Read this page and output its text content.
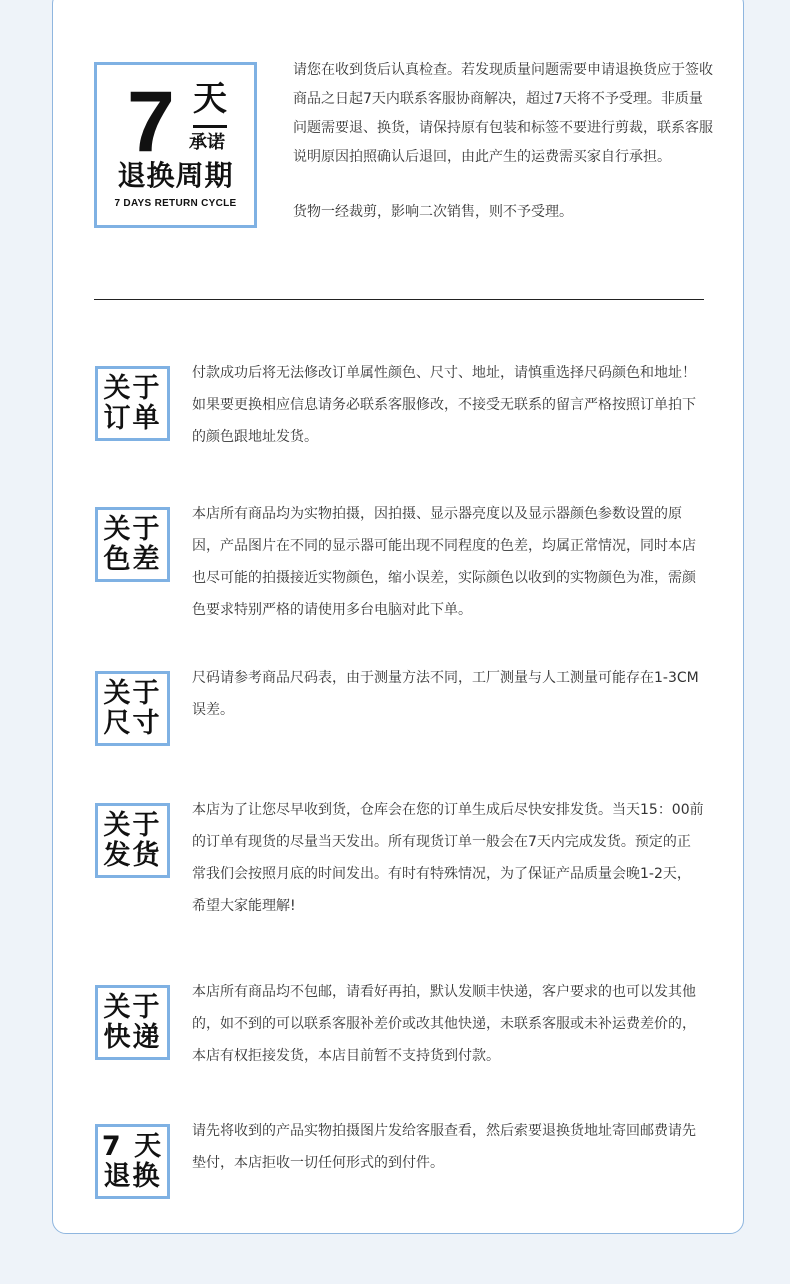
7 天
承诺
退换周期
7 DAYS RETURN CYCLE

请您在收到货后认真检查。若发现质量问题需要申请退换货应于签收商品之日起7天内联系客服协商解决，超过7天将不予受理。非质量问题需要退、换货，请保持原有包装和标签不要进行剪裁，联系客服说明原因拍照确认后退回，由此产生的运费需买家自行承担。

货物一经裁剪，影响二次销售，则不予受理。

关于
订单

付款成功后将无法修改订单属性颜色、尺寸、地址，请慎重选择尺码颜色和地址！如果要更换相应信息请务必联系客服修改，不接受无联系的留言严格按照订单拍下的颜色跟地址发货。

关于
色差

本店所有商品均为实物拍摄，因拍摄、显示器亮度以及显示器颜色参数设置的原因，产品图片在不同的显示器可能出现不同程度的色差，均属正常情况，同时本店也尽可能的拍摄接近实物颜色，缩小误差，实际颜色以收到的实物颜色为准，需颜色要求特别严格的请使用多台电脑对此下单。

关于
尺寸

尺码请参考商品尺码表，由于测量方法不同，工厂测量与人工测量可能存在1-3CM误差。

关于
发货

本店为了让您尽早收到货，仓库会在您的订单生成后尽快安排发货。当天15：00前的订单有现货的尽量当天发出。所有现货订单一般会在7天内完成发货。预定的正常我们会按照月底的时间发出。有时有特殊情况，为了保证产品质量会晚1-2天，希望大家能理解!

关于
快递

本店所有商品均不包邮，请看好再拍，默认发顺丰快递，客户要求的也可以发其他的，如不到的可以联系客服补差价或改其他快递，未联系客服或未补运费差价的，本店有权拒接发货，本店目前暂不支持货到付款。

7 天
退换

请先将收到的产品实物拍摄图片发给客服查看，然后索要退换货地址寄回邮费请先垫付，本店拒收一切任何形式的到付件。
